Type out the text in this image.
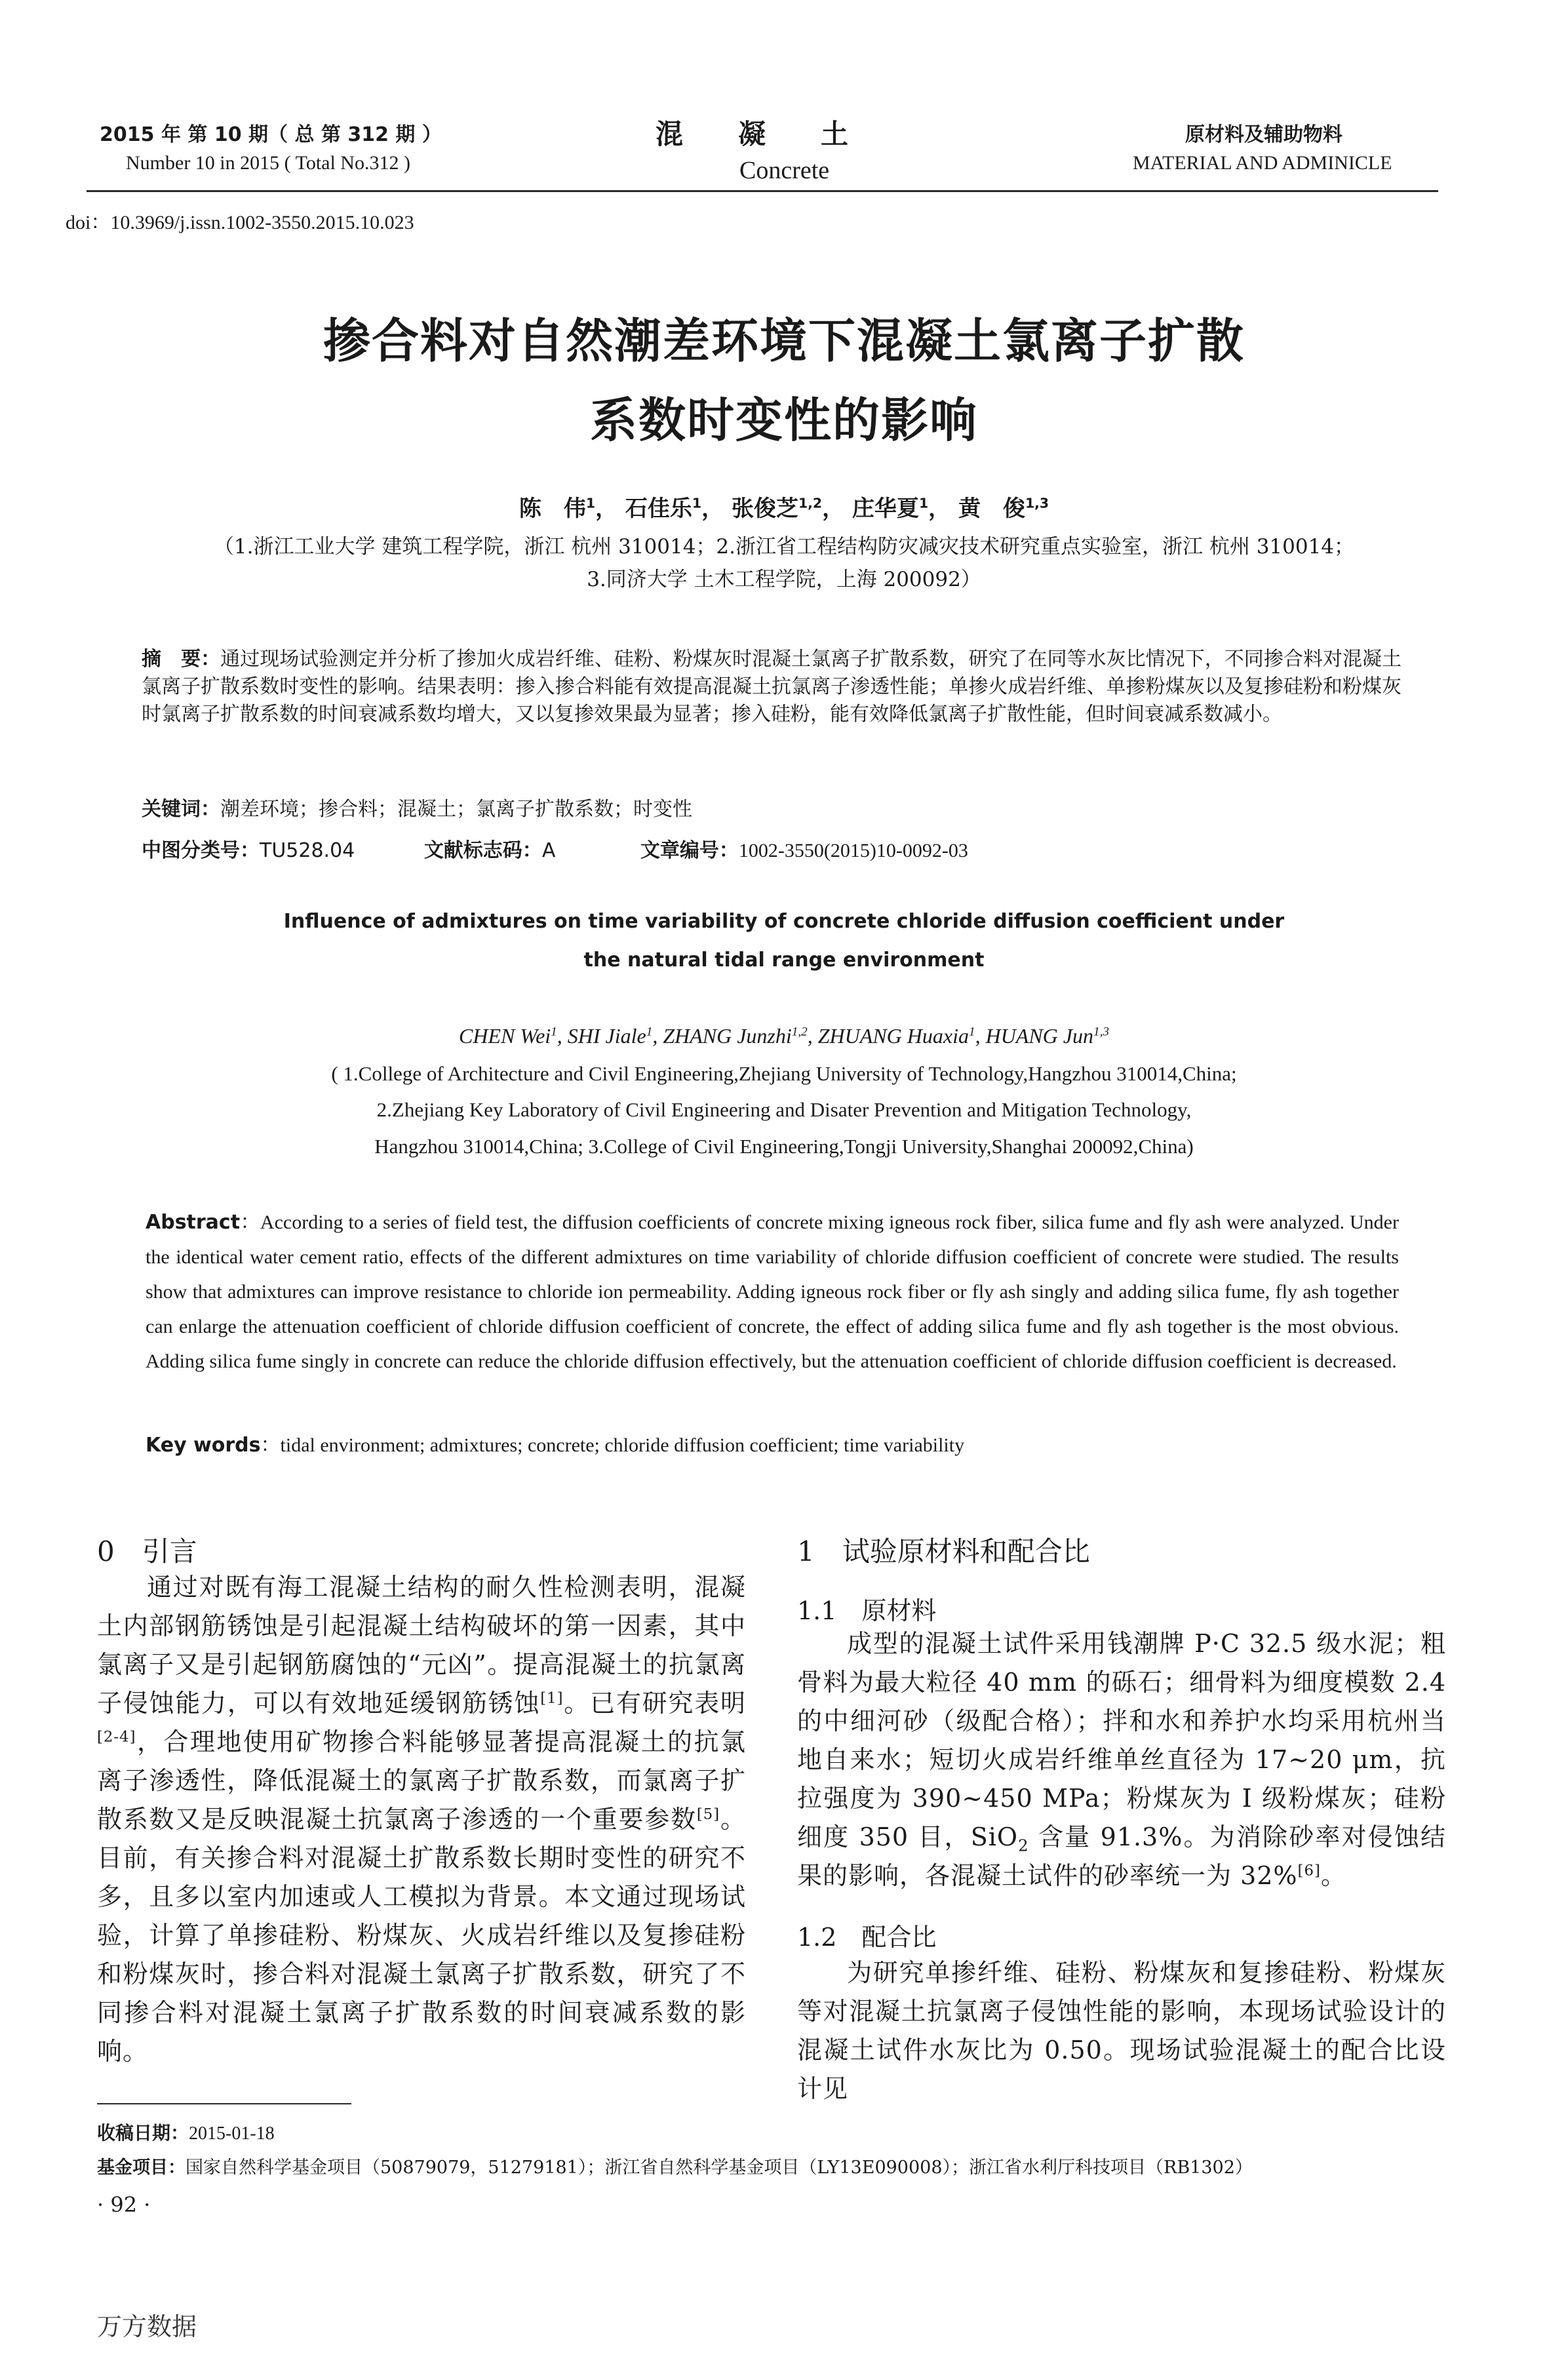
2015 年 第 10 期（ 总 第 312 期 ）
Number 10 in 2015 ( Total No.312 )
混　　凝　　土
Concrete
原材料及辅助物料
MATERIAL AND ADMINICLE
doi：10.3969/j.issn.1002-3550.2015.10.023
掺合料对自然潮差环境下混凝土氯离子扩散
系数时变性的影响
陈　伟$^1$， 石佳乐$^1$， 张俊芝$^{1,2}$， 庄华夏$^1$， 黄　俊$^{1,3}$
（1.浙江工业大学 建筑工程学院，浙江 杭州 310014；2.浙江省工程结构防灾减灾技术研究重点实验室，浙江 杭州 310014；
3.同济大学 土木工程学院，上海 200092）

摘　要：通过现场试验测定并分析了掺加火成岩纤维、硅粉、粉煤灰时混凝土氯离子扩散系数，研究了在同等水灰比情况下，不同掺合料对混凝土氯离子扩散系数时变性的影响。结果表明：掺入掺合料能有效提高混凝土抗氯离子渗透性能；单掺火成岩纤维、单掺粉煤灰以及复掺硅粉和粉煤灰时氯离子扩散系数的时间衰减系数均增大，又以复掺效果最为显著；掺入硅粉，能有效降低氯离子扩散性能，但时间衰减系数减小。

关键词：潮差环境；掺合料；混凝土；氯离子扩散系数；时变性

中图分类号：TU528.04	文献标志码：A	文章编号：1002-3550(2015)10-0092-03
Influence of admixtures on time variability of concrete chloride diffusion coefficient under
the natural tidal range environment
CHEN Wei$^1$, SHI Jiale$^1$, ZHANG Junzhi$^{1,2}$, ZHUANG Huaxia$^1$, HUANG Jun$^{1,3}$
( 1.College of Architecture and Civil Engineering,Zhejiang University of Technology,Hangzhou 310014,China;
2.Zhejiang Key Laboratory of Civil Engineering and Disater Prevention and Mitigation Technology,
Hangzhou 310014,China; 3.College of Civil Engineering,Tongji University,Shanghai 200092,China)

Abstract：According to a series of field test, the diffusion coefficients of concrete mixing igneous rock fiber, silica fume and fly ash were analyzed. Under the identical water cement ratio, effects of the different admixtures on time variability of chloride diffusion coefficient of concrete were studied. The results show that admixtures can improve resistance to chloride ion permeability. Adding igneous rock fiber or fly ash singly and adding silica fume, fly ash together can enlarge the attenuation coefficient of chloride diffusion coefficient of concrete, the effect of adding silica fume and fly ash together is the most obvious. Adding silica fume singly in concrete can reduce the chloride diffusion effectively, but the attenuation coefficient of chloride diffusion coefficient is decreased.

Key words：tidal environment; admixtures; concrete; chloride diffusion coefficient; time variability

0　引言

通过对既有海工混凝土结构的耐久性检测表明，混凝土内部钢筋锈蚀是引起混凝土结构破坏的第一因素，其中氯离子又是引起钢筋腐蚀的“元凶”。提高混凝土的抗氯离子侵蚀能力，可以有效地延缓钢筋锈蚀[1]。已有研究表明[2-4]，合理地使用矿物掺合料能够显著提高混凝土的抗氯离子渗透性，降低混凝土的氯离子扩散系数，而氯离子扩散系数又是反映混凝土抗氯离子渗透的一个重要参数[5]。目前，有关掺合料对混凝土扩散系数长期时变性的研究不多，且多以室内加速或人工模拟为背景。本文通过现场试验，计算了单掺硅粉、粉煤灰、火成岩纤维以及复掺硅粉和粉煤灰时，掺合料对混凝土氯离子扩散系数，研究了不同掺合料对混凝土氯离子扩散系数的时间衰减系数的影响。

1　试验原材料和配合比
1.1　原材料

成型的混凝土试件采用钱潮牌 P·C 32.5 级水泥；粗骨料为最大粒径 40 mm 的砾石；细骨料为细度模数 2.4 的中细河砂（级配合格）；拌和水和养护水均采用杭州当地自来水；短切火成岩纤维单丝直径为 17~20 μm，抗拉强度为 390~450 MPa；粉煤灰为 I 级粉煤灰；硅粉细度 350 目，SiO$_2$ 含量 91.3%。为消除砂率对侵蚀结果的影响，各混凝土试件的砂率统一为 32%[6]。

1.2　配合比

为研究单掺纤维、硅粉、粉煤灰和复掺硅粉、粉煤灰等对混凝土抗氯离子侵蚀性能的影响，本现场试验设计的混凝土试件水灰比为 0.50。现场试验混凝土的配合比设计见

收稿日期：2015-01-18
基金项目：国家自然科学基金项目（50879079，51279181）；浙江省自然科学基金项目（LY13E090008）；浙江省水利厅科技项目（RB1302）
· 92 ·
万方数据
